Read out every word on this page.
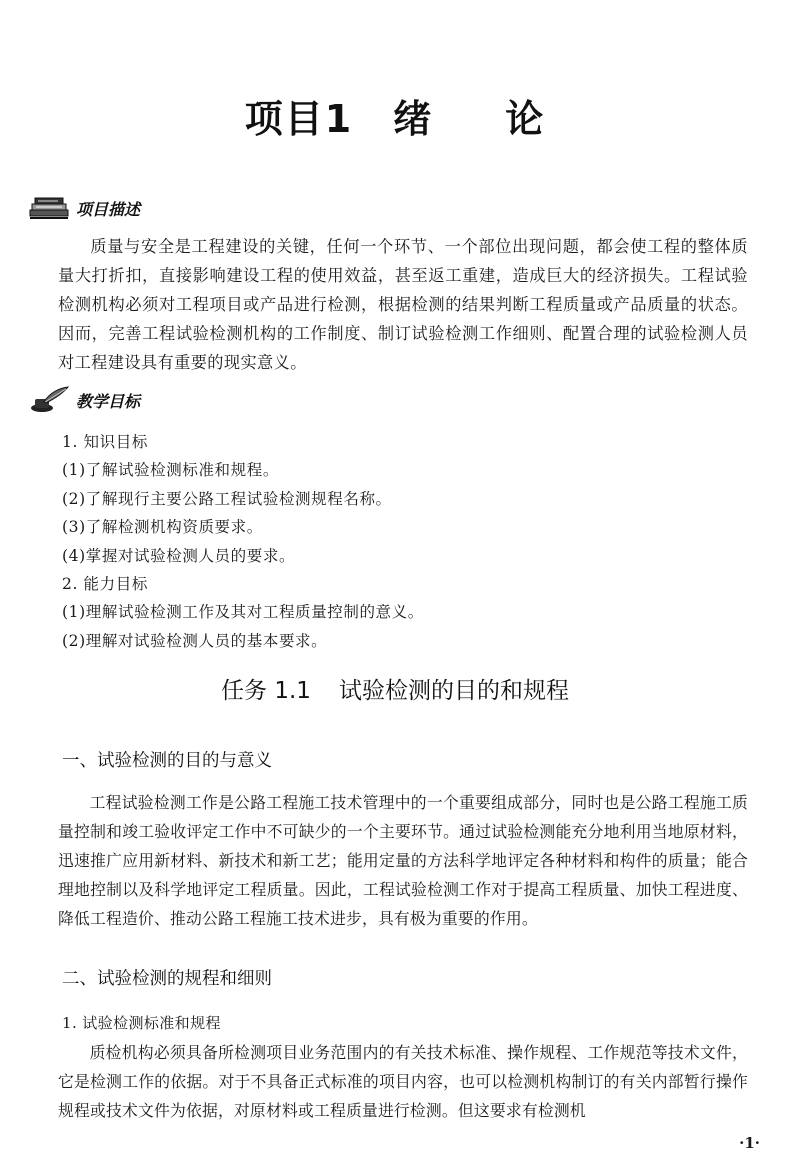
项目1 绪 论
项目描述
质量与安全是工程建设的关键，任何一个环节、一个部位出现问题，都会使工程的整体质量大打折扣，直接影响建设工程的使用效益，甚至返工重建，造成巨大的经济损失。工程试验检测机构必须对工程项目或产品进行检测，根据检测的结果判断工程质量或产品质量的状态。因而，完善工程试验检测机构的工作制度、制订试验检测工作细则、配置合理的试验检测人员对工程建设具有重要的现实意义。
教学目标
1. 知识目标
(1)了解试验检测标准和规程。
(2)了解现行主要公路工程试验检测规程名称。
(3)了解检测机构资质要求。
(4)掌握对试验检测人员的要求。
2. 能力目标
(1)理解试验检测工作及其对工程质量控制的意义。
(2)理解对试验检测人员的基本要求。
任务 1.1 试验检测的目的和规程
一、试验检测的目的与意义
工程试验检测工作是公路工程施工技术管理中的一个重要组成部分，同时也是公路工程施工质量控制和竣工验收评定工作中不可缺少的一个主要环节。通过试验检测能充分地利用当地原材料，迅速推广应用新材料、新技术和新工艺；能用定量的方法科学地评定各种材料和构件的质量；能合理地控制以及科学地评定工程质量。因此，工程试验检测工作对于提高工程质量、加快工程进度、降低工程造价、推动公路工程施工技术进步，具有极为重要的作用。
二、试验检测的规程和细则
1. 试验检测标准和规程
质检机构必须具备所检测项目业务范围内的有关技术标准、操作规程、工作规范等技术文件，它是检测工作的依据。对于不具备正式标准的项目内容，也可以检测机构制订的有关内部暂行操作规程或技术文件为依据，对原材料或工程质量进行检测。但这要求有检测机
·1·
